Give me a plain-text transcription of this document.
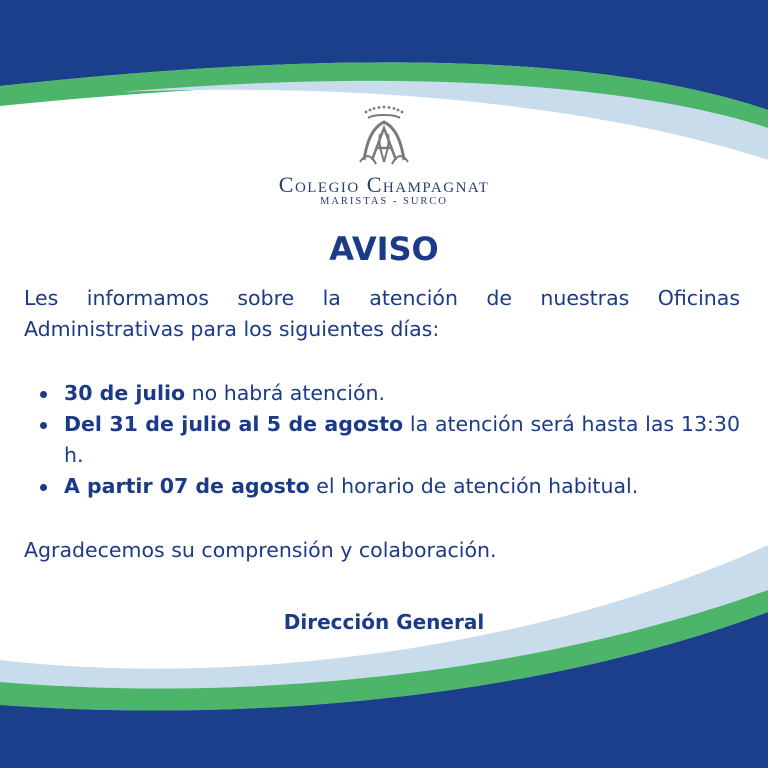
Colegio Champagnat
MARISTAS - SURCO
AVISO

Les informamos sobre la atención de nuestras Oficinas Administrativas para los siguientes días:

30 de julio no habrá atención.
Del 31 de julio al 5 de agosto la atención será hasta las 13:30 h.
A partir 07 de agosto el horario de atención habitual.

Agradecemos su comprensión y colaboración.

Dirección General
